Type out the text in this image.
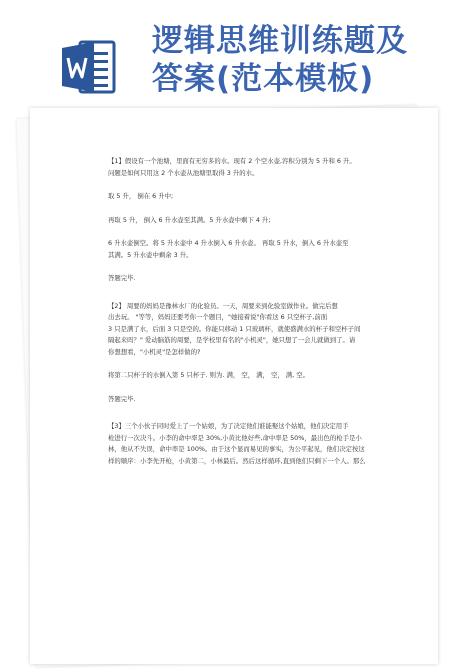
逻辑思维训练题及
答案(范本模板)

【1】假设有一个池塘，里面有无穷多的水。现有 2 个空水壶,容积分别为 5 升和 6 升。

问题是如何只用这 2 个水壶从池塘里取得 3 升的水。

取 5 升， 倒在 6 升中;

再取 5 升， 倒入 6 升水壶至其满。5 升水壶中剩下 4 升;

6 升水壶倒空。将 5 升水壶中 4 升水倒入 6 升水壶。 再取 5 升水，倒入 6 升水壶至

其满。5 升水壶中剩余 3 升。

答题完毕.

【2】 周要的妈妈是豫林水厂的化验员。一天，周要来到化验室做作业。做完后想

出去玩。 "等等，妈妈还要考你一个题目，"她接着说"你看这 6 只空杯子,前面

3 只是满了水，后面 3 只是空的。你能只移动 1 只玻璃杯，就使盛满水的杯子和空杯子间

隔起来吗？" 爱动脑筋的周要，是学校里有名的"小机灵"，她只想了一会儿就做到了。请

你想想看，"小机灵"是怎样做的?

将第二只杯子的水倒入第 5 只杯子. 则为. 满， 空， 满， 空， 满, 空。

答题完毕.

【3】三个小伙子同时爱上了一个姑娘，为了决定他们谁能娶这个姑娘，他们决定用手

枪进行一次决斗。小李的命中率是 30%,小黄比他好些,命中率是 50%，最出色的枪手是小

林，他从不失误，命中率是 100%。由于这个显而易见的事实，为公平起见，他们决定按这

样的顺序：小李先开枪，小黄第二，小林最后。然后这样循环,直到他们只剩下一个人。那么
